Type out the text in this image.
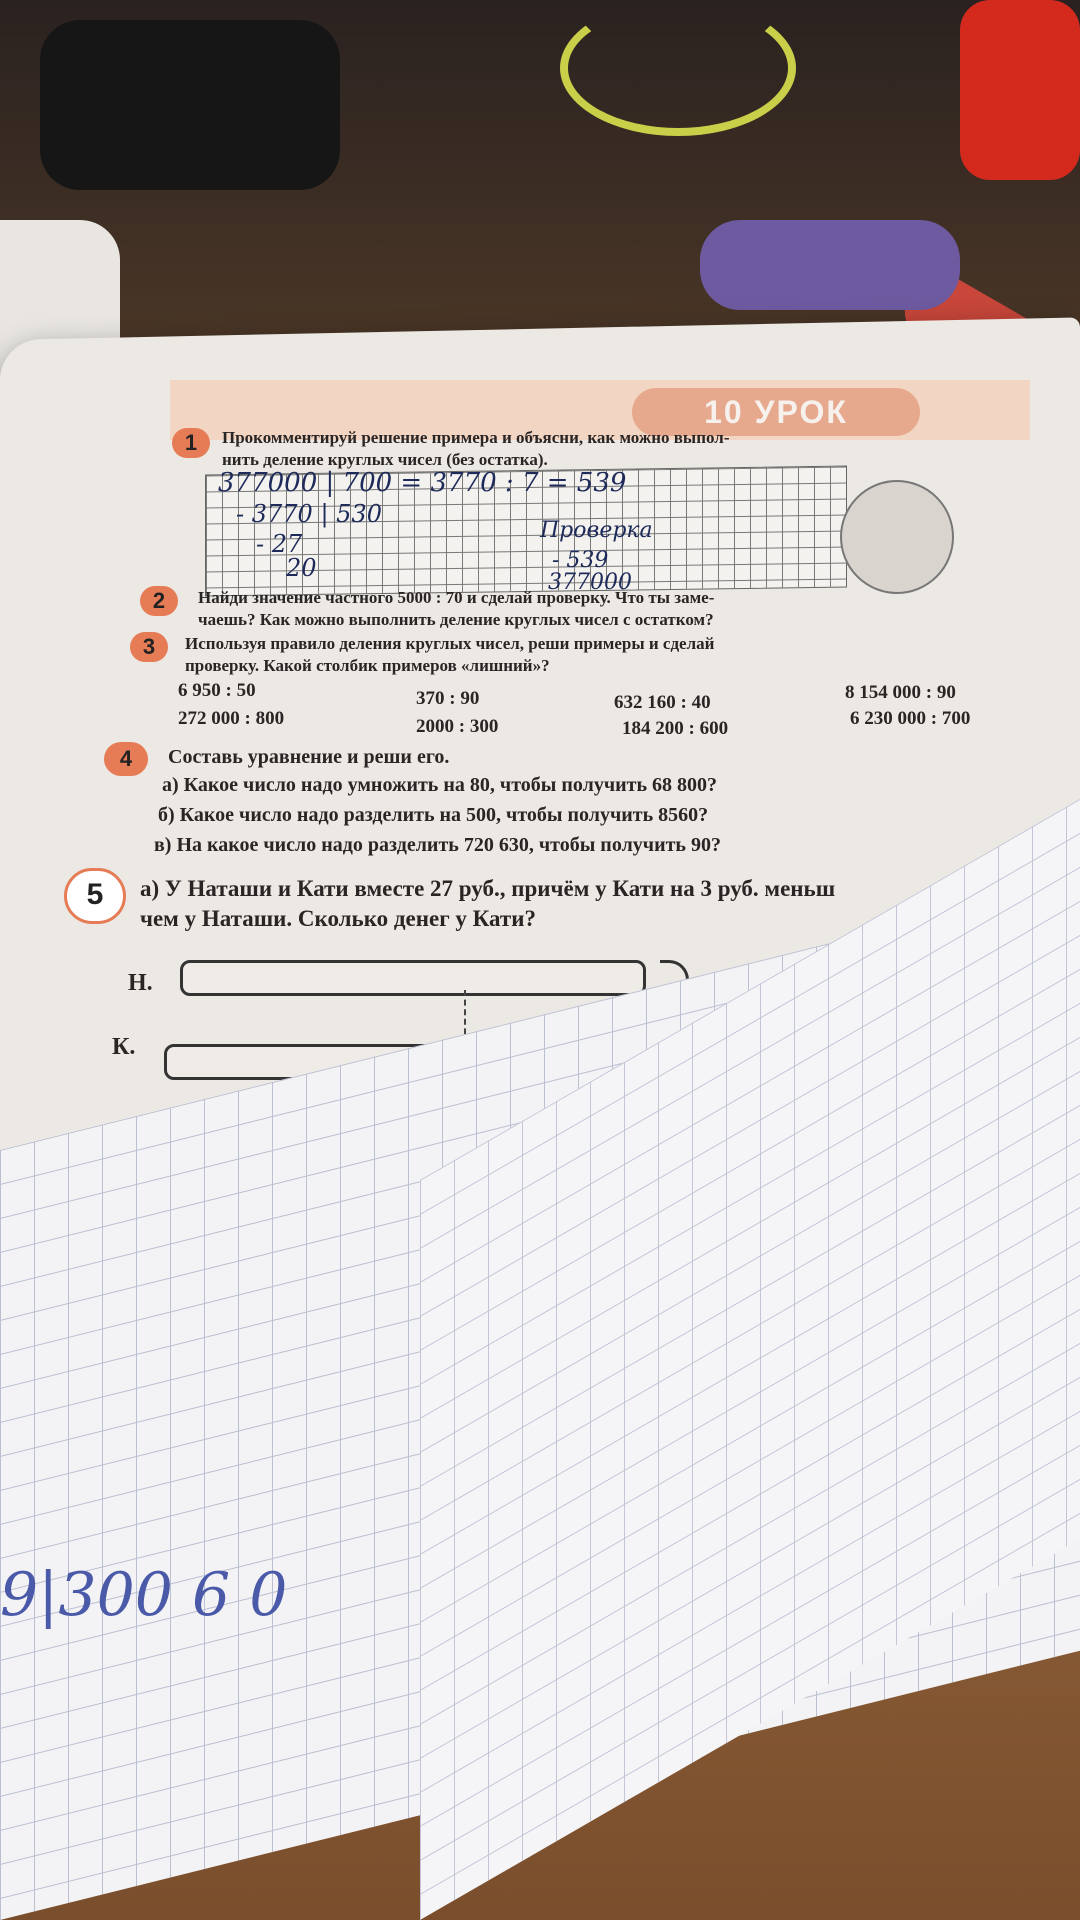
10 УРОК
1	Прокомментируй решение примера и объясни, как можно выпол-
нить деление круглых чисел (без остатка).
377000 | 700 = 3770 : 7 = 539
- 3770 | 530
- 27
20
Проверка
- 539
377000
2	Найди значение частного 5000 : 70 и сделай проверку. Что ты заме-
чаешь? Как можно выполнить деление круглых чисел с остатком?
3	Используя правило деления круглых чисел, реши примеры и сделай
проверку. Какой столбик примеров «лишний»?
6 950 : 50	370 : 90	632 160 : 40	8 154 000 : 90
272 000 : 800	2000 : 300	184 200 : 600	6 230 000 : 700
4	Составь уравнение и реши его.
а) Какое число надо умножить на 80, чтобы получить 68 800?
б) Какое число надо разделить на 500, чтобы получить 8560?
в) На какое число надо разделить 720 630, чтобы получить 90?
5	а) У Наташи и Кати вместе 27 руб., причём у Кати на 3 руб. меньш
чем у Наташи. Сколько денег у Кати?
Н.
К.
9|300 6 0
